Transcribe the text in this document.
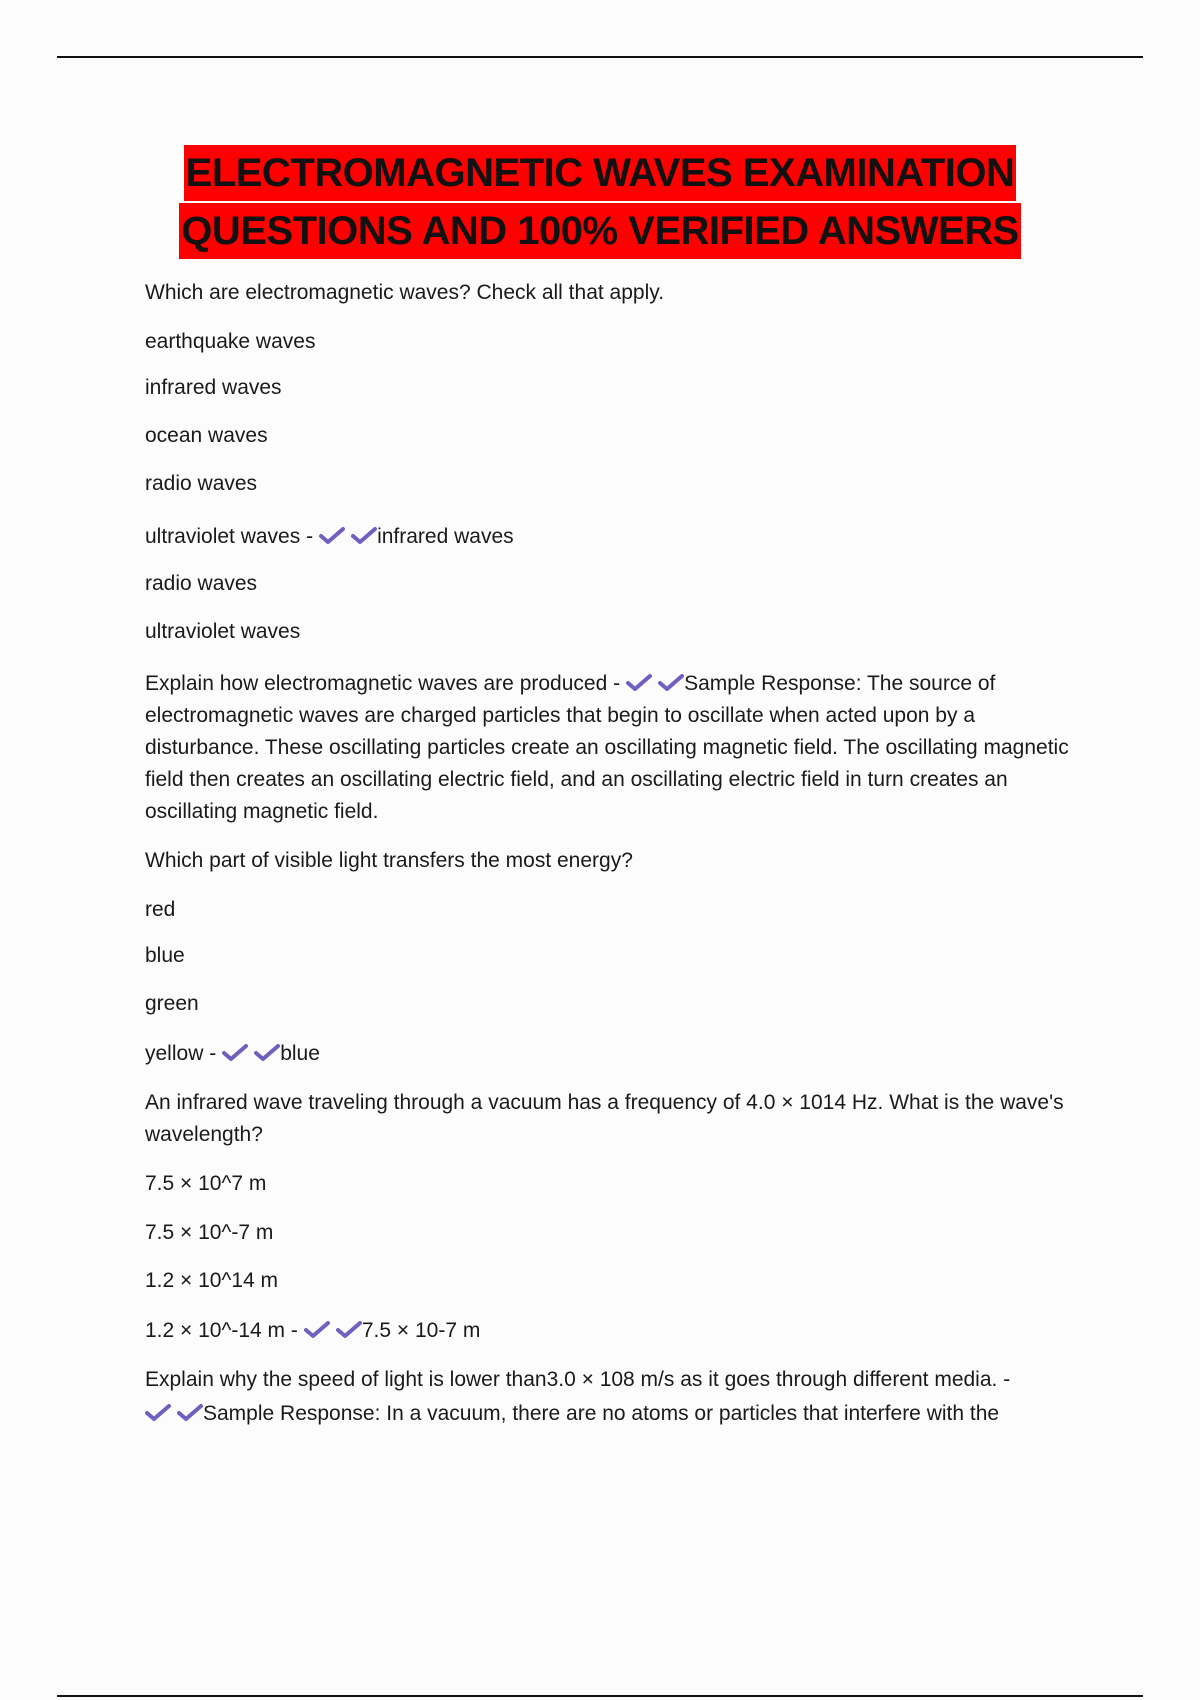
ELECTROMAGNETIC WAVES EXAMINATION
QUESTIONS AND 100% VERIFIED ANSWERS
Which are electromagnetic waves? Check all that apply.
earthquake waves
infrared waves
ocean waves
radio waves
ultraviolet waves -	infrared waves
radio waves
ultraviolet waves
Explain how electromagnetic waves are produced -	Sample Response: The source of electromagnetic waves are charged particles that begin to oscillate when acted upon by a disturbance. These oscillating particles create an oscillating magnetic field. The oscillating magnetic field then creates an oscillating electric field, and an oscillating electric field in turn creates an oscillating magnetic field.
Which part of visible light transfers the most energy?
red
blue
green
yellow -	blue
An infrared wave traveling through a vacuum has a frequency of 4.0 × 1014 Hz. What is the wave's wavelength?
7.5 × 10^7 m
7.5 × 10^-7 m
1.2 × 10^14 m
1.2 × 10^-14 m -	7.5 × 10-7 m
Explain why the speed of light is lower than3.0 × 108 m/s as it goes through different media. -
Sample Response: In a vacuum, there are no atoms or particles that interfere with the
